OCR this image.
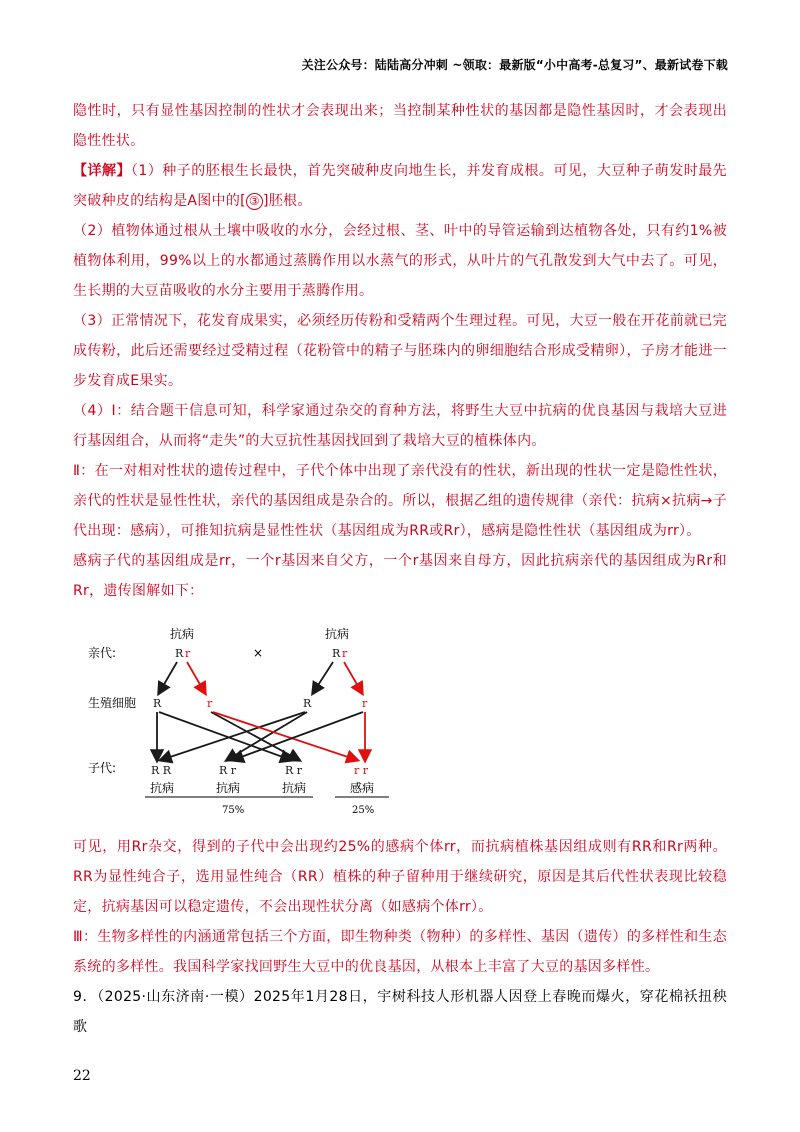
关注公众号：陆陆高分冲刺 ~领取：最新版“小中高考-总复习”、最新试卷下载
隐性时，只有显性基因控制的性状才会表现出来；当控制某种性状的基因都是隐性基因时，才会表现出隐性性状。
【详解】（1）种子的胚根生长最快，首先突破种皮向地生长，并发育成根。可见，大豆种子萌发时最先突破种皮的结构是A图中的[ ③ ]胚根。
（2）植物体通过根从土壤中吸收的水分，会经过根、茎、叶中的导管运输到达植物各处，只有约1%被植物体利用，99%以上的水都通过蒸腾作用以水蒸气的形式，从叶片的气孔散发到大气中去了。可见，生长期的大豆苗吸收的水分主要用于蒸腾作用。
（3）正常情况下，花发育成果实，必须经历传粉和受精两个生理过程。可见，大豆一般在开花前就已完成传粉，此后还需要经过受精过程（花粉管中的精子与胚珠内的卵细胞结合形成受精卵），子房才能进一步发育成E果实。
（4）Ⅰ：结合题干信息可知，科学家通过杂交的育种方法，将野生大豆中抗病的优良基因与栽培大豆进行基因组合，从而将“走失”的大豆抗性基因找回到了栽培大豆的植株体内。
Ⅱ：在一对相对性状的遗传过程中，子代个体中出现了亲代没有的性状，新出现的性状一定是隐性性状，亲代的性状是显性性状，亲代的基因组成是杂合的。所以，根据乙组的遗传规律（亲代：抗病×抗病→子代出现：感病），可推知抗病是显性性状（基因组成为RR或Rr），感病是隐性性状（基因组成为rr）。
感病子代的基因组成是rr，一个r基因来自父方，一个r基因来自母方，因此抗病亲代的基因组成为Rr和Rr，遗传图解如下：
亲代:
生殖细胞
子代:
抗病	抗病
R r	×	R r
R	r	R	r
R R	R r	R r	r r
抗病	抗病	抗病	感病
75%	25%
可见，用Rr杂交，得到的子代中会出现约25%的感病个体rr，而抗病植株基因组成则有RR和Rr两种。RR为显性纯合子，选用显性纯合（RR）植株的种子留种用于继续研究，原因是其后代性状表现比较稳定，抗病基因可以稳定遗传，不会出现性状分离（如感病个体rr）。
Ⅲ：生物多样性的内涵通常包括三个方面，即生物种类（物种）的多样性、基因（遗传）的多样性和生态系统的多样性。我国科学家找回野生大豆中的优良基因，从根本上丰富了大豆的基因多样性。
9．（2025·山东济南·一模）2025年1月28日，宇树科技人形机器人因登上春晚而爆火，穿花棉袄扭秧歌
22
